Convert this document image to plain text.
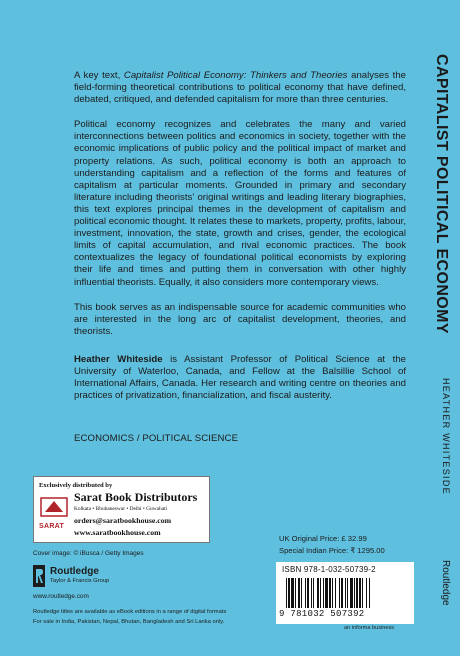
A key text, Capitalist Political Economy: Thinkers and Theories analyses the field-forming theoretical contributions to political economy that have defined, debated, critiqued, and defended capitalism for more than three centuries.

Political economy recognizes and celebrates the many and varied interconnections between politics and economics in society, together with the economic implications of public policy and the political impact of market and property relations. As such, political economy is both an approach to understanding capitalism and a reflection of the forms and features of capitalism at particular moments. Grounded in primary and secondary literature including theorists’ original writings and leading literary biographies, this text explores principal themes in the development of capitalism and political economic thought. It relates these to markets, property, profits, labour, investment, innovation, the state, growth and crises, gender, the ecological limits of capital accumulation, and rival economic practices. The book contextualizes the legacy of foundational political economists by exploring their life and times and putting them in conversation with other highly influential theorists. Equally, it also considers more contemporary views.

This book serves as an indispensable source for academic communities who are interested in the long arc of capitalist development, theories, and theorists.

Heather Whiteside is Assistant Professor of Political Science at the University of Waterloo, Canada, and Fellow at the Balsillie School of International Affairs, Canada. Her research and writing centre on theories and practices of privatization, financialization, and fiscal austerity.

ECONOMICS / POLITICAL SCIENCE
CAPITALIST POLITICAL ECONOMY
HEATHER WHITESIDE
Routledge
Exclusively distributed by
SARAT
Sarat Book Distributors
Kolkata • Bhubaneswar • Delhi • Guwahati
orders@saratbookhouse.com
www.saratbookhouse.com
Cover image: © iBusca / Getty Images
Routledge
Taylor & Francis Group
www.routledge.com
Routledge titles are available as eBook editions in a range of digital formats
For sale in India, Pakistan, Nepal, Bhutan, Bangladesh and Sri Lanka only.
UK Original Price: £ 32.99
Special Indian Price: ₹ 1295.00
ISBN 978-1-032-50739-2
9 781032 507392
an informa business
